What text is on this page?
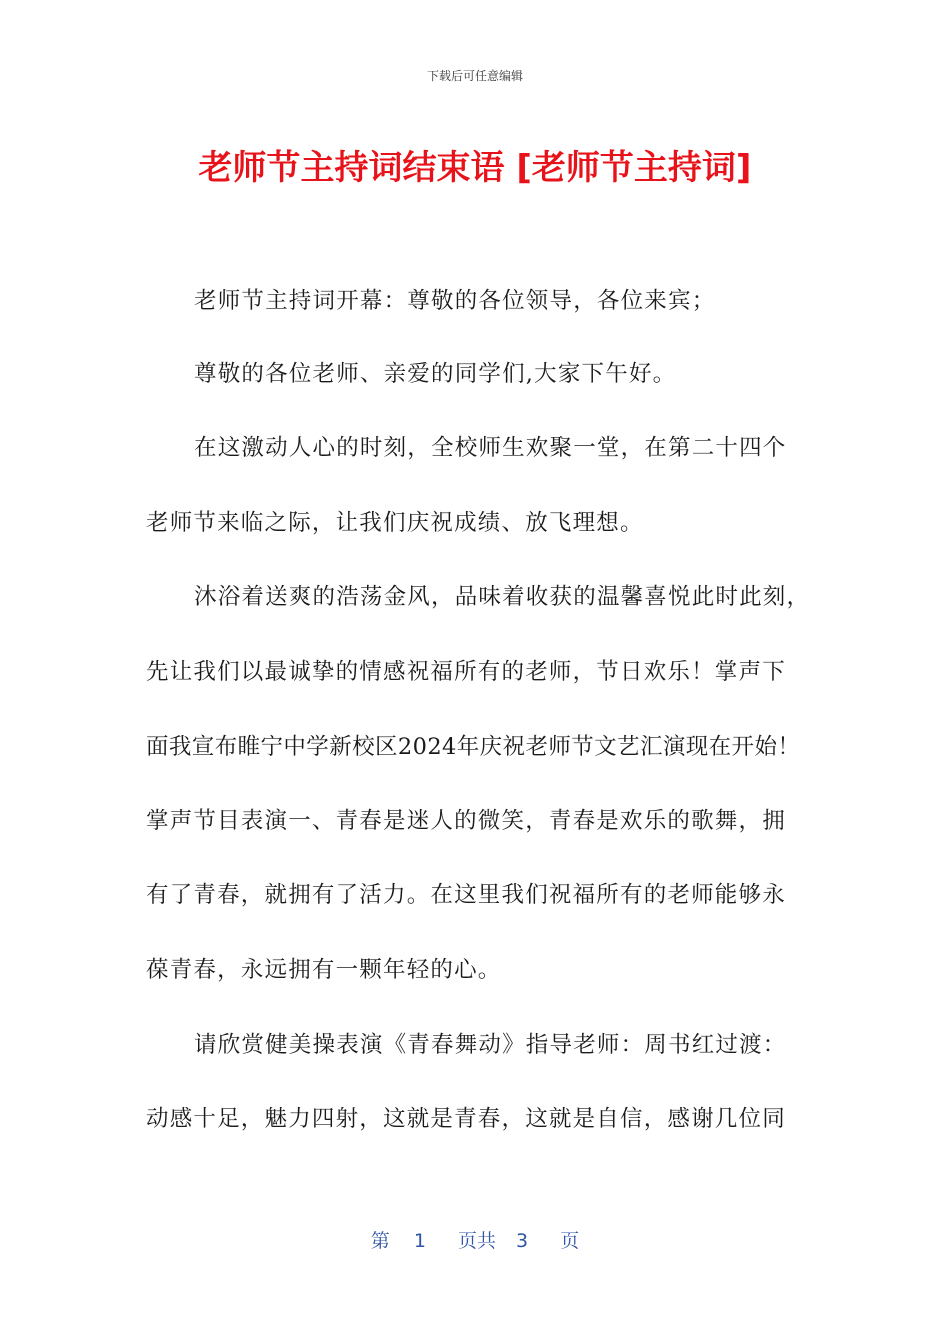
下载后可任意编辑
老师节主持词结束语 [老师节主持词]
老师节主持词开幕：尊敬的各位领导，各位来宾；
尊敬的各位老师、亲爱的同学们,大家下午好。
在这激动人心的时刻，全校师生欢聚一堂，在第二十四个
老师节来临之际，让我们庆祝成绩、放飞理想。
沐浴着送爽的浩荡金风，品味着收获的温馨喜悦此时此刻，
先让我们以最诚挚的情感祝福所有的老师，节日欢乐！掌声下
面我宣布睢宁中学新校区2024年庆祝老师节文艺汇演现在开始！
掌声节目表演一、青春是迷人的微笑，青春是欢乐的歌舞，拥
有了青春，就拥有了活力。在这里我们祝福所有的老师能够永
葆青春，永远拥有一颗年轻的心。
请欣赏健美操表演《青春舞动》指导老师：周书红过渡：
动感十足，魅力四射，这就是青春，这就是自信，感谢几位同
第 1 页共 3 页
